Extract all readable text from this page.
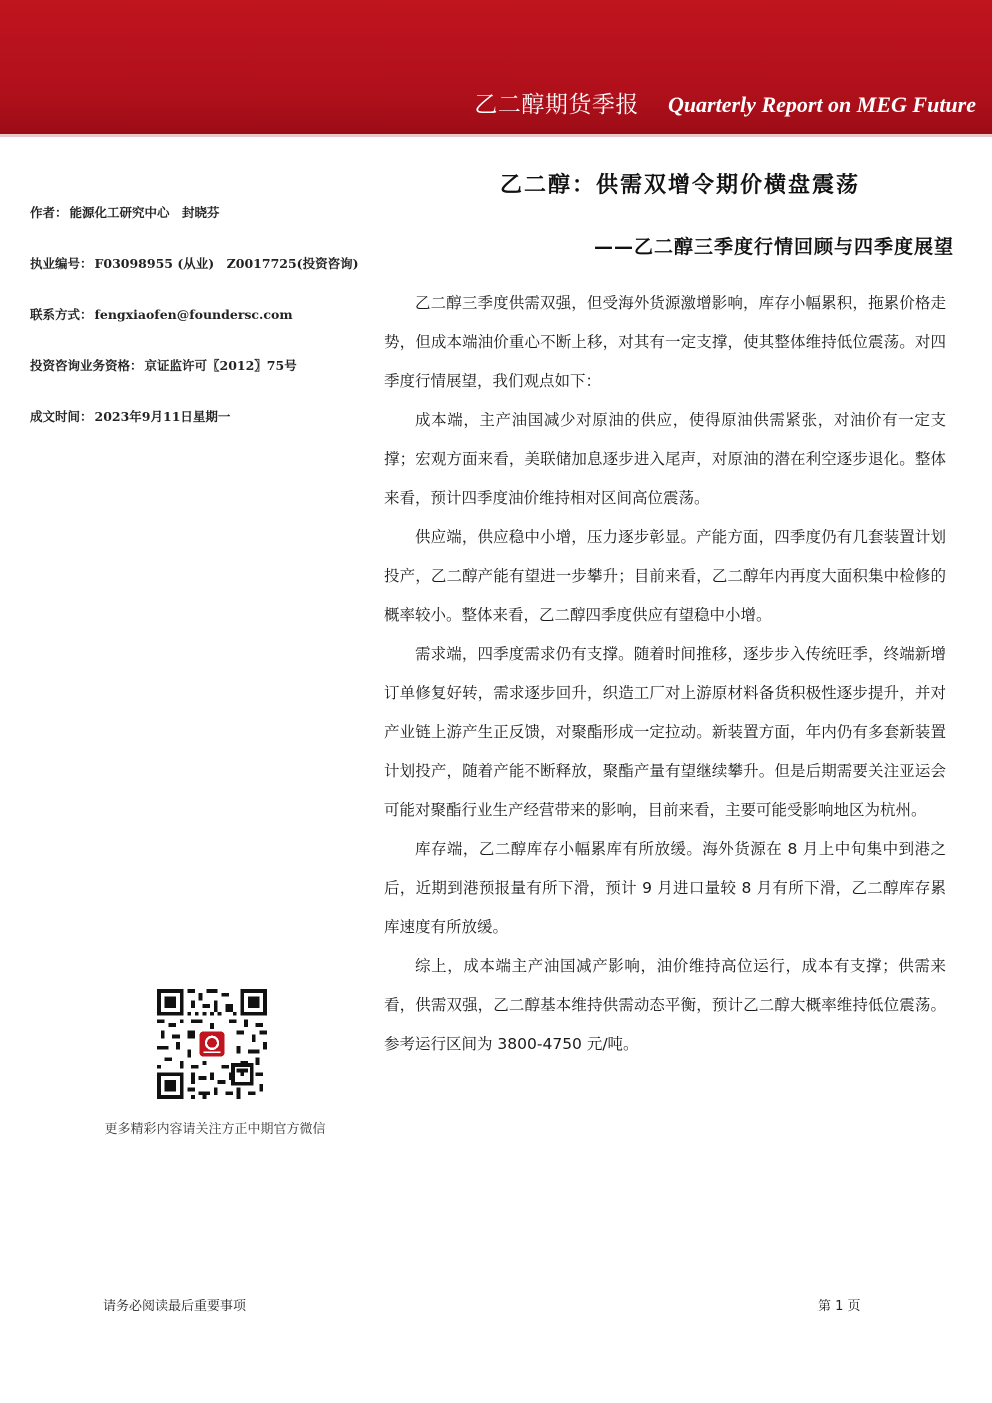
乙二醇期货季报 Quarterly Report on MEG Future
作者： 能源化工研究中心　封晓芬
执业编号： F03098955 (从业)　Z0017725(投资咨询)
联系方式： fengxiaofen@foundersc.com
投资咨询业务资格： 京证监许可〖2012〗75号
成文时间： 2023年9月11日星期一
更多精彩内容请关注方正中期官方微信
乙二醇：供需双增令期价横盘震荡
——乙二醇三季度行情回顾与四季度展望

乙二醇三季度供需双强，但受海外货源激增影响，库存小幅累积，拖累价格走势，但成本端油价重心不断上移，对其有一定支撑，使其整体维持低位震荡。对四季度行情展望，我们观点如下：

成本端，主产油国减少对原油的供应，使得原油供需紧张，对油价有一定支撑；宏观方面来看，美联储加息逐步进入尾声，对原油的潜在利空逐步退化。整体来看，预计四季度油价维持相对区间高位震荡。

供应端，供应稳中小增，压力逐步彰显。产能方面，四季度仍有几套装置计划投产，乙二醇产能有望进一步攀升；目前来看，乙二醇年内再度大面积集中检修的概率较小。整体来看，乙二醇四季度供应有望稳中小增。

需求端，四季度需求仍有支撑。随着时间推移，逐步步入传统旺季，终端新增订单修复好转，需求逐步回升，织造工厂对上游原材料备货积极性逐步提升，并对产业链上游产生正反馈，对聚酯形成一定拉动。新装置方面，年内仍有多套新装置计划投产，随着产能不断释放，聚酯产量有望继续攀升。但是后期需要关注亚运会可能对聚酯行业生产经营带来的影响，目前来看，主要可能受影响地区为杭州。

库存端，乙二醇库存小幅累库有所放缓。海外货源在 8 月上中旬集中到港之后，近期到港预报量有所下滑，预计 9 月进口量较 8 月有所下滑，乙二醇库存累库速度有所放缓。

综上，成本端主产油国减产影响，油价维持高位运行，成本有支撑；供需来看，供需双强，乙二醇基本维持供需动态平衡，预计乙二醇大概率维持低位震荡。参考运行区间为 3800-4750 元/吨。

请务必阅读最后重要事项	第 1 页
